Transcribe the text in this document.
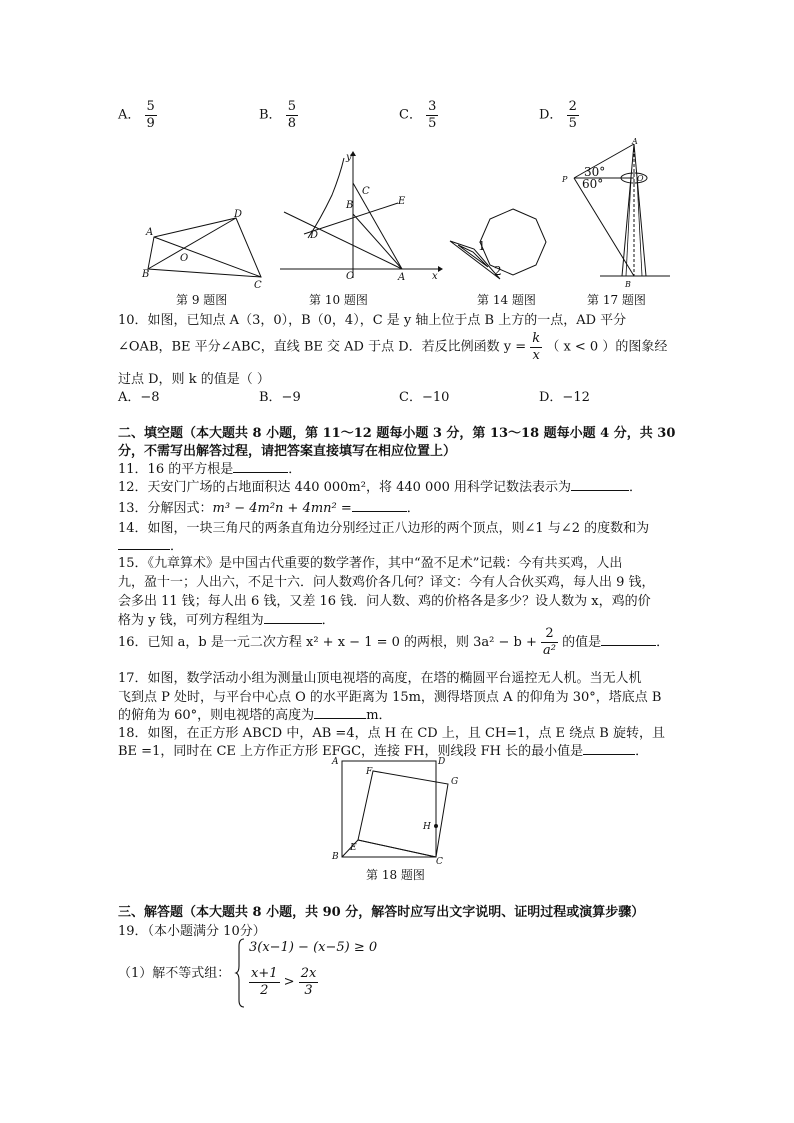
A． $\frac{5}{9}$	B． $\frac{5}{8}$	C． $\frac{3}{5}$	D． $\frac{2}{5}$
A
D
O
B
C
第 9 题图
y
C
E
B
D
O	A	x
第 10 题图
1
2
第 14 题图
A
P
30°
60°	O
B
第 17 题图
10．如图，已知点 A（3，0），B（0，4），C 是 y 轴上位于点 B 上方的一点，AD 平分
∠OAB，BE 平分∠ABC，直线 BE 交 AD 于点 D．若反比例函数 $y = \frac{k}{x}$ （ x < 0 ）的图象经
过点 D，则 k 的值是（ ）
A．−8	B．−9	C．−10	D．−12
二、填空题（本大题共 8 小题，第 11～12 题每小题 3 分，第 13～18 题每小题 4 分，共 30
分，不需写出解答过程，请把答案直接填写在相应位置上）
11．16 的平方根是	．
12．天安门广场的占地面积达 440 000m²，将 440 000 用科学记数法表示为	．
13．分解因式：m³ − 4m²n + 4mn² =	．
14．如图，一块三角尺的两条直角边分别经过正八边形的两个顶点，则∠1 与∠2 的度数和为
．
15．《九章算术》是中国古代重要的数学著作，其中“盈不足术”记载：今有共买鸡，人出
九，盈十一；人出六，不足十六．问人数鸡价各几何？译文：今有人合伙买鸡，每人出 9 钱，
会多出 11 钱；每人出 6 钱，又差 16 钱．问人数、鸡的价格各是多少？设人数为 x，鸡的价
格为 y 钱，可列方程组为	．
16．已知 a，b 是一元二次方程 x² + x − 1 = 0 的两根，则 $3a^2 - b + \frac{2}{\text{a²}}$ 的值是	．
17．如图，数学活动小组为测量山顶电视塔的高度，在塔的椭圆平台遥控无人机。当无人机
飞到点 P 处时，与平台中心点 O 的水平距离为 15m，测得塔顶点 A 的仰角为 30°，塔底点 B
的俯角为 60°，则电视塔的高度为	m．
18．如图，在正方形 ABCD 中，AB =4，点 H 在 CD 上，且 CH=1，点 E 绕点 B 旋转，且
BE =1，同时在 CE 上方作正方形 EFGC，连接 FH，则线段 FH 长的最小值是	．
A	D
F
G
H
B
E
C
第 18 题图
三、解答题（本大题共 8 小题，共 90 分，解答时应写出文字说明、证明过程或演算步骤）
19．（本小题满分 10分）
（1）解不等式组：
3(x−1) − (x−5) ≥ 0
$\frac{x+1}{2} > \frac{2x}{3}$
